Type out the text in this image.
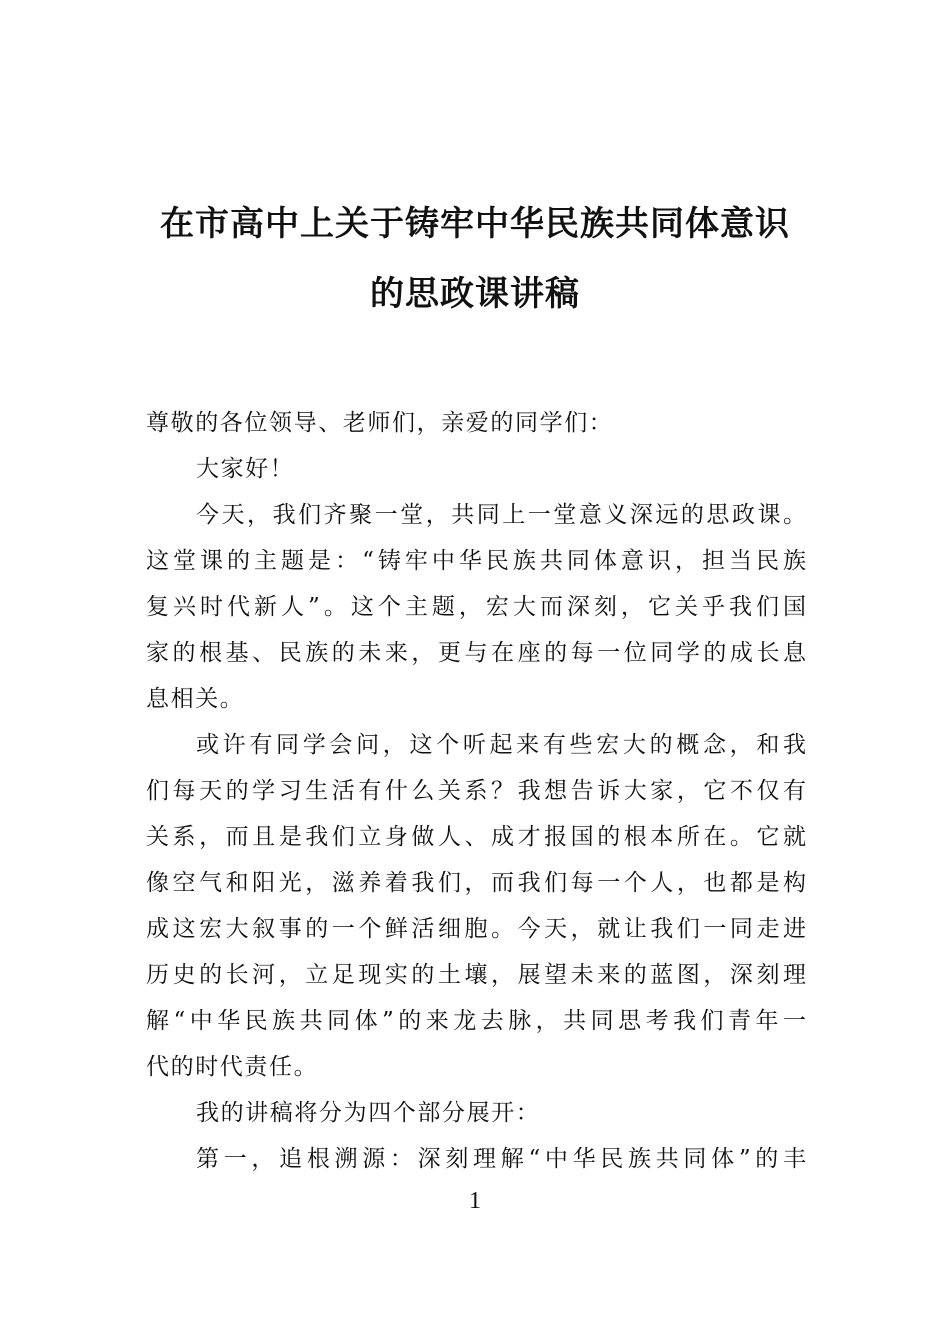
在市高中上关于铸牢中华民族共同体意识
的思政课讲稿
尊敬的各位领导、老师们，亲爱的同学们：
大家好！
今天，我们齐聚一堂，共同上一堂意义深远的思政课。
这堂课的主题是：“铸牢中华民族共同体意识，担当民族
复兴时代新人”。这个主题，宏大而深刻，它关乎我们国
家的根基、民族的未来，更与在座的每一位同学的成长息
息相关。
或许有同学会问，这个听起来有些宏大的概念，和我
们每天的学习生活有什么关系？我想告诉大家，它不仅有
关系，而且是我们立身做人、成才报国的根本所在。它就
像空气和阳光，滋养着我们，而我们每一个人，也都是构
成这宏大叙事的一个鲜活细胞。今天，就让我们一同走进
历史的长河，立足现实的土壤，展望未来的蓝图，深刻理
解“中华民族共同体”的来龙去脉，共同思考我们青年一
代的时代责任。
我的讲稿将分为四个部分展开：
第一，追根溯源：深刻理解“中华民族共同体”的丰
1
